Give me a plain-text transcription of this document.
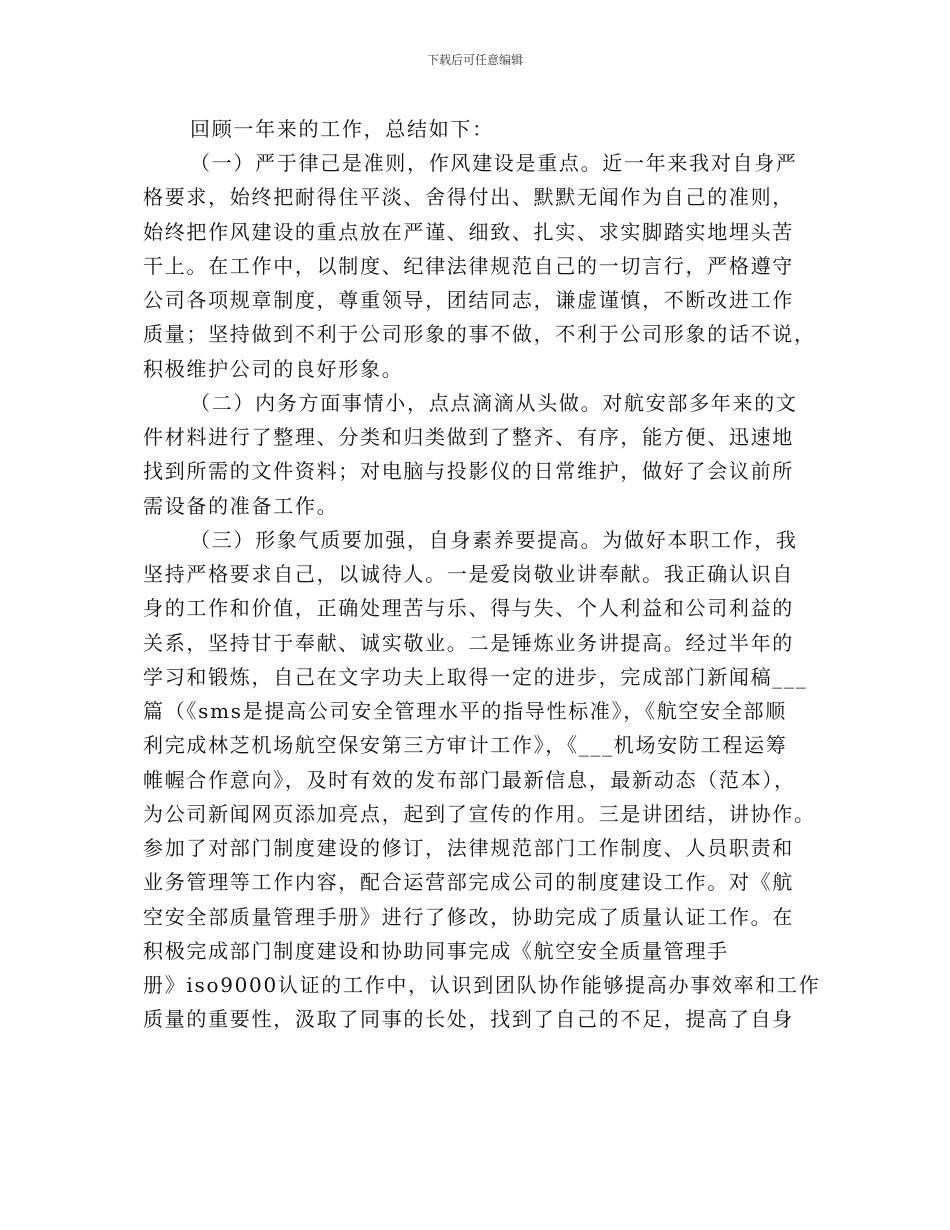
下载后可任意编辑
回顾一年来的工作，总结如下：
（一）严于律己是准则，作风建设是重点。近一年来我对自身严
格要求，始终把耐得住平淡、舍得付出、默默无闻作为自己的准则，
始终把作风建设的重点放在严谨、细致、扎实、求实脚踏实地埋头苦
干上。在工作中，以制度、纪律法律规范自己的一切言行，严格遵守
公司各项规章制度，尊重领导，团结同志，谦虚谨慎，不断改进工作
质量；坚持做到不利于公司形象的事不做，不利于公司形象的话不说，
积极维护公司的良好形象。
（二）内务方面事情小，点点滴滴从头做。对航安部多年来的文
件材料进行了整理、分类和归类做到了整齐、有序，能方便、迅速地
找到所需的文件资料；对电脑与投影仪的日常维护，做好了会议前所
需设备的准备工作。
（三）形象气质要加强，自身素养要提高。为做好本职工作，我
坚持严格要求自己，以诚待人。一是爱岗敬业讲奉献。我正确认识自
身的工作和价值，正确处理苦与乐、得与失、个人利益和公司利益的
关系，坚持甘于奉献、诚实敬业。二是锤炼业务讲提高。经过半年的
学习和锻炼，自己在文字功夫上取得一定的进步，完成部门新闻稿___
篇（《sms是提高公司安全管理水平的指导性标准》，《航空安全部顺
利完成林芝机场航空保安第三方审计工作》，《___机场安防工程运筹
帷幄合作意向》，及时有效的发布部门最新信息，最新动态（范本），
为公司新闻网页添加亮点，起到了宣传的作用。三是讲团结，讲协作。
参加了对部门制度建设的修订，法律规范部门工作制度、人员职责和
业务管理等工作内容，配合运营部完成公司的制度建设工作。对《航
空安全部质量管理手册》进行了修改，协助完成了质量认证工作。在
积极完成部门制度建设和协助同事完成《航空安全质量管理手
册》iso9000认证的工作中，认识到团队协作能够提高办事效率和工作
质量的重要性，汲取了同事的长处，找到了自己的不足，提高了自身
